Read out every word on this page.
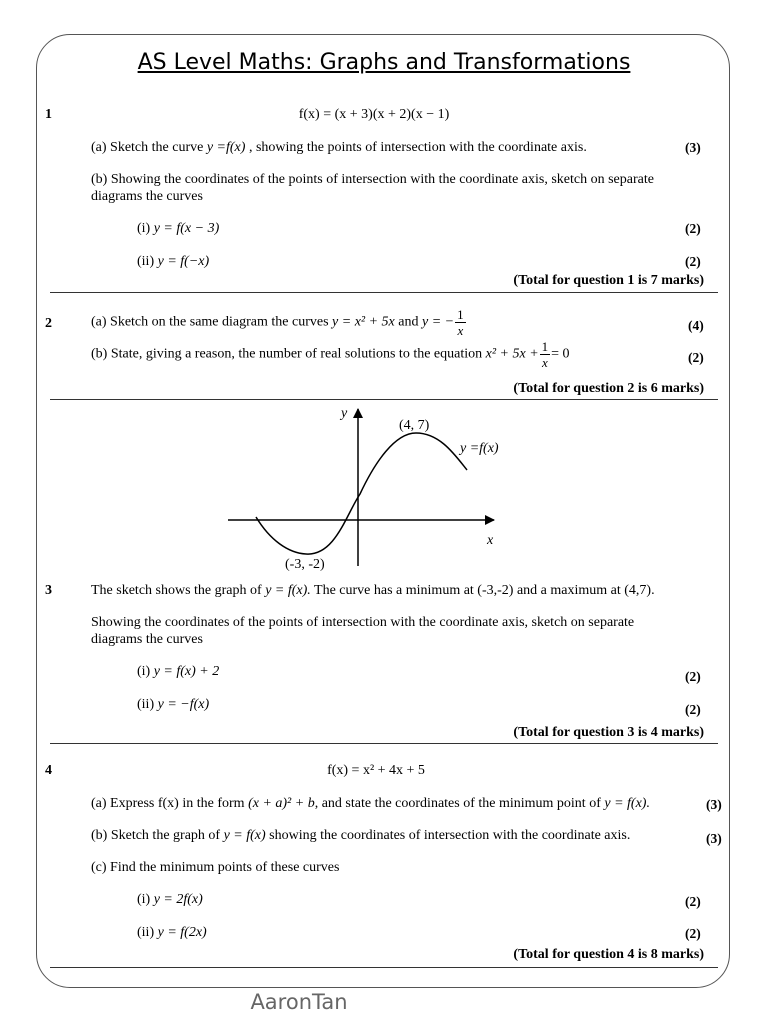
AS Level Maths: Graphs and Transformations
1	f(x) = (x + 3)(x + 2)(x − 1)
(a) Sketch the curve y =f(x) , showing the points of intersection with the coordinate axis.	(3)
(b) Showing the coordinates of the points of intersection with the coordinate axis, sketch on separate
diagrams the curves
(i) y = f(x − 3)	(2)
(ii) y = f(−x)	(2)
(Total for question 1 is 7 marks)
2	(a) Sketch on the same diagram the curves y = x² + 5x and y = − $\frac{1}{x}$	(4)
(b) State, giving a reason, the number of real solutions to the equation $x^2 + 5x + \frac{1}{x} = 0$	(2)
(Total for question 2 is 6 marks)
y
x
(4, 7)
(-3, -2)
y =f(x)
3	The sketch shows the graph of y = f(x). The curve has a minimum at (-3,-2) and a maximum at (4,7).
Showing the coordinates of the points of intersection with the coordinate axis, sketch on separate
diagrams the curves
(i) y = f(x) + 2	(2)
(ii) y = −f(x)	(2)
(Total for question 3 is 4 marks)
4	f(x) = x² + 4x + 5
(a) Express f(x) in the form (x + a)² + b, and state the coordinates of the minimum point of y = f(x).	(3)
(b) Sketch the graph of y = f(x) showing the coordinates of intersection with the coordinate axis.	(3)
(c) Find the minimum points of these curves
(i) y = 2f(x)	(2)
(ii) y = f(2x)	(2)
(Total for question 4 is 8 marks)
AaronTan
